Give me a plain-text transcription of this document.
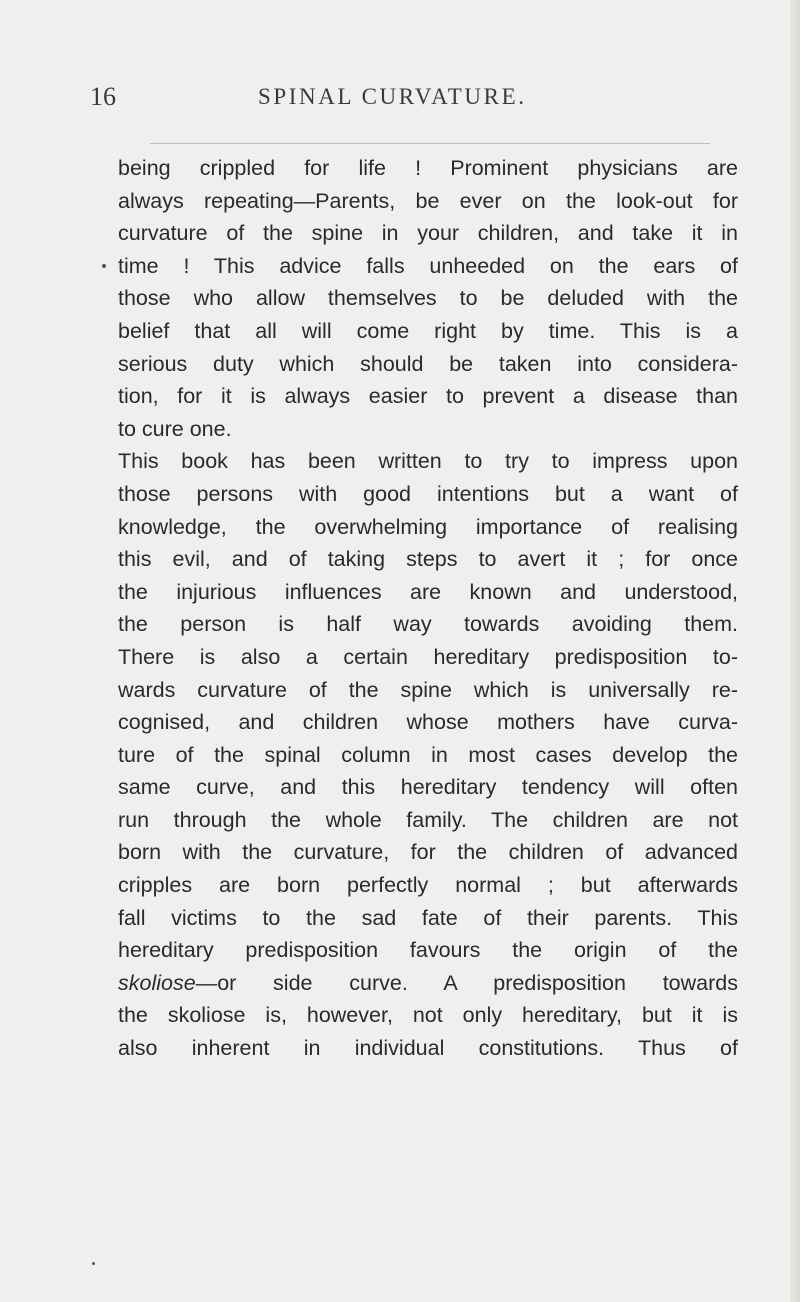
16	SPINAL CURVATURE.
being crippled for life ! Prominent physicians are
always repeating—Parents, be ever on the look-out for
curvature of the spine in your children, and take it in
time ! This advice falls unheeded on the ears of
those who allow themselves to be deluded with the
belief that all will come right by time. This is a
serious duty which should be taken into considera-
tion, for it is always easier to prevent a disease than
to cure one.
This book has been written to try to impress upon
those persons with good intentions but a want of
knowledge, the overwhelming importance of realising
this evil, and of taking steps to avert it ; for once
the injurious influences are known and understood,
the person is half way towards avoiding them.
There is also a certain hereditary predisposition to-
wards curvature of the spine which is universally re-
cognised, and children whose mothers have curva-
ture of the spinal column in most cases develop the
same curve, and this hereditary tendency will often
run through the whole family. The children are not
born with the curvature, for the children of advanced
cripples are born perfectly normal ; but afterwards
fall victims to the sad fate of their parents. This
hereditary predisposition favours the origin of the
skoliose—or side curve. A predisposition towards
the skoliose is, however, not only hereditary, but it is
also inherent in individual constitutions. Thus of
